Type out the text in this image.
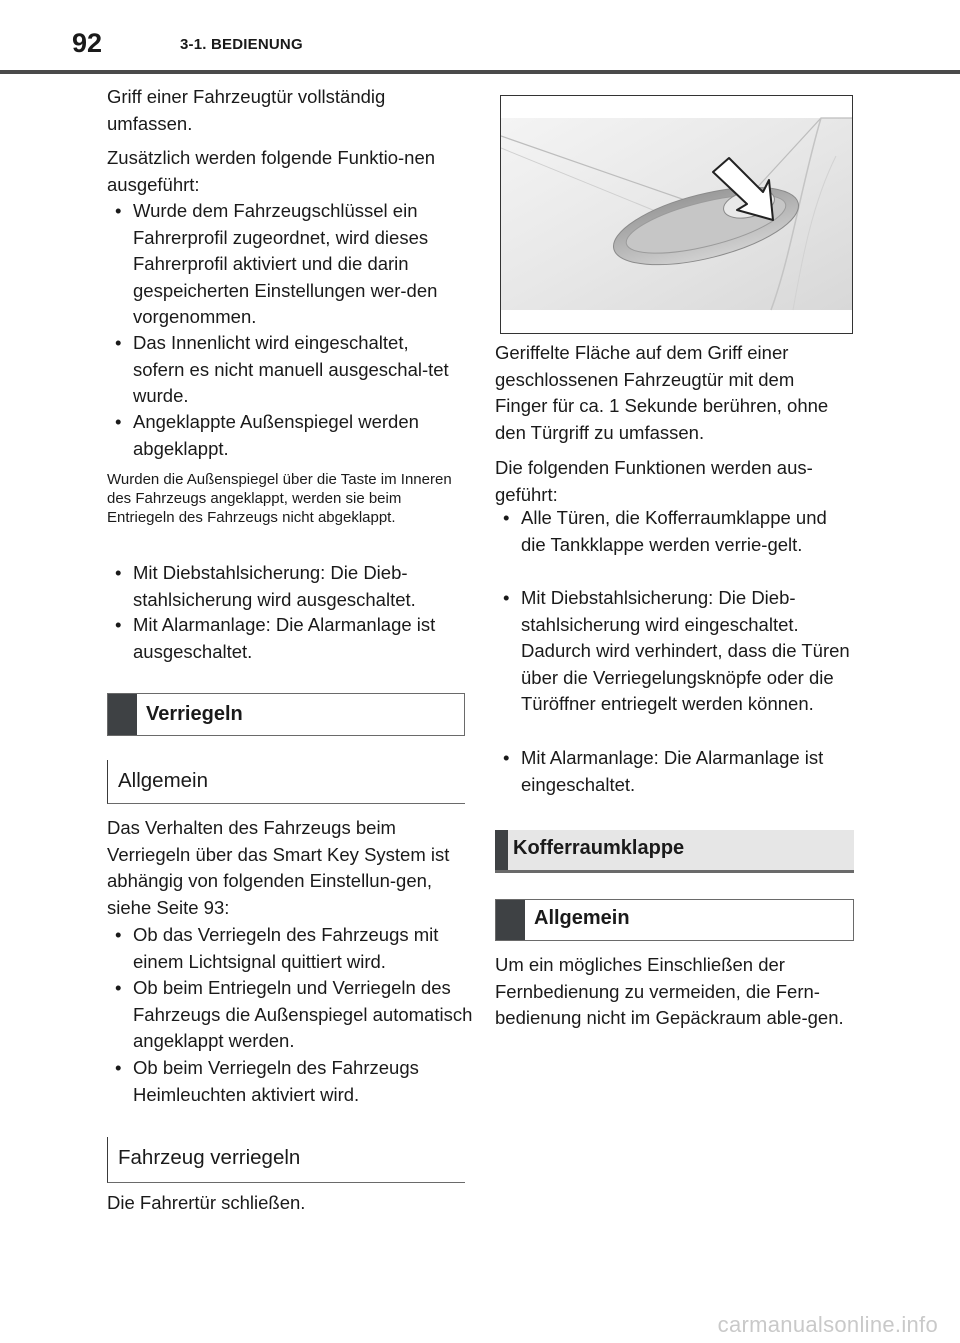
92	3-1. BEDIENUNG

Griff einer Fahrzeugtür vollständig umfassen.

Zusätzlich werden folgende Funktio-nen ausgeführt:

• Wurde dem Fahrzeugschlüssel ein Fahrerprofil zugeordnet, wird dieses Fahrerprofil aktiviert und die darin gespeicherten Einstellungen wer-den vorgenommen.

• Das Innenlicht wird eingeschaltet, sofern es nicht manuell ausgeschal-tet wurde.

• Angeklappte Außenspiegel werden abgeklappt.

Wurden die Außenspiegel über die Taste im Inneren des Fahrzeugs angeklappt, werden sie beim Entriegeln des Fahrzeugs nicht abgeklappt.

• Mit Diebstahlsicherung: Die Dieb-stahlsicherung wird ausgeschaltet.

• Mit Alarmanlage: Die Alarmanlage ist ausgeschaltet.

Verriegeln
Allgemein

Das Verhalten des Fahrzeugs beim Verriegeln über das Smart Key System ist abhängig von folgenden Einstellun-gen, siehe Seite 93:

• Ob das Verriegeln des Fahrzeugs mit einem Lichtsignal quittiert wird.

• Ob beim Entriegeln und Verriegeln des Fahrzeugs die Außenspiegel automatisch angeklappt werden.

• Ob beim Verriegeln des Fahrzeugs Heimleuchten aktiviert wird.

Fahrzeug verriegeln

Die Fahrertür schließen.

Geriffelte Fläche auf dem Griff einer geschlossenen Fahrzeugtür mit dem Finger für ca. 1 Sekunde berühren, ohne den Türgriff zu umfassen.

Die folgenden Funktionen werden aus-geführt:

• Alle Türen, die Kofferraumklappe und die Tankklappe werden verrie-gelt.

• Mit Diebstahlsicherung: Die Dieb-stahlsicherung wird eingeschaltet. Dadurch wird verhindert, dass die Türen über die Verriegelungsknöpfe oder die Türöffner entriegelt werden können.

• Mit Alarmanlage: Die Alarmanlage ist eingeschaltet.

Kofferraumklappe
Allgemein

Um ein mögliches Einschließen der Fernbedienung zu vermeiden, die Fern-bedienung nicht im Gepäckraum able-gen.

carmanualsonline.info
